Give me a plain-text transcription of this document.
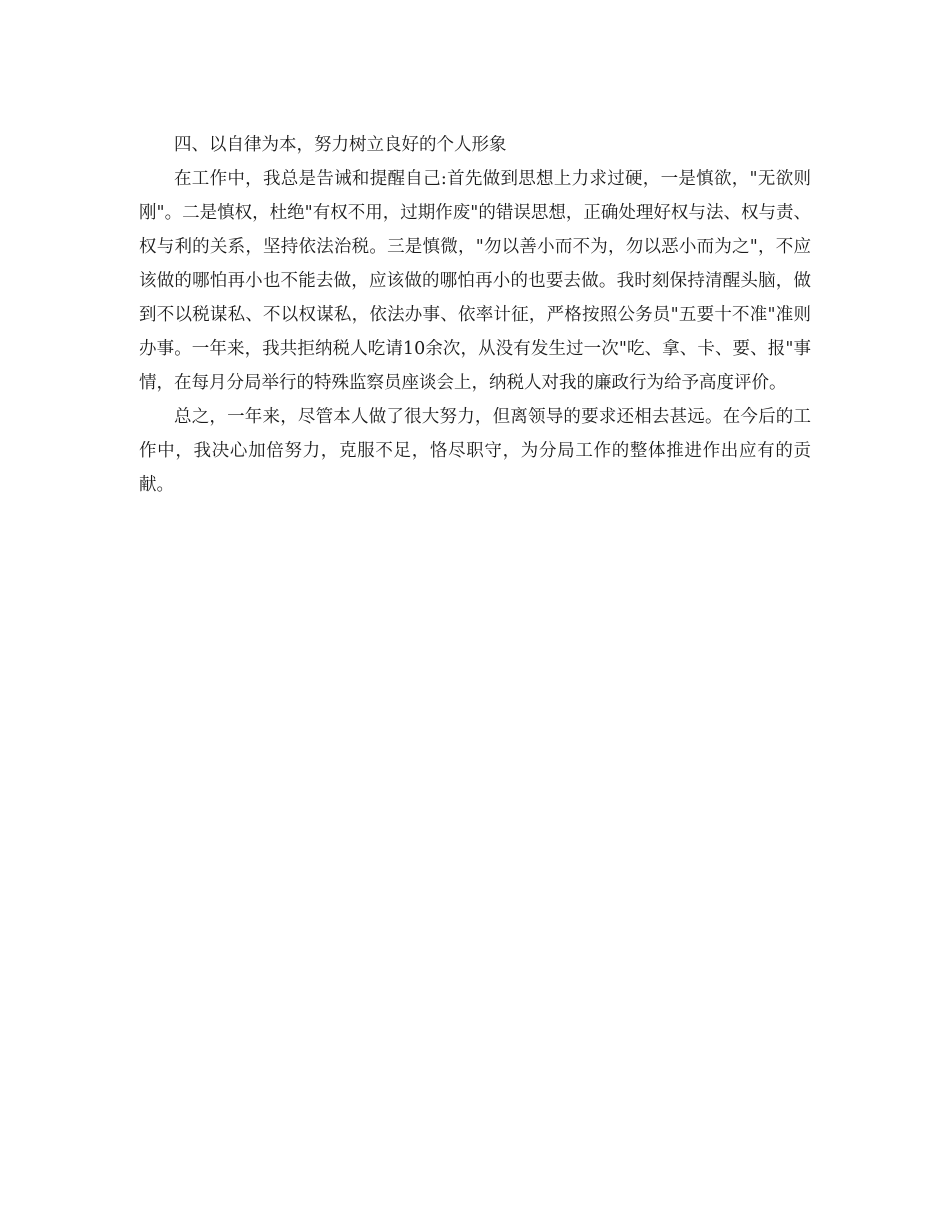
四、以自律为本，努力树立良好的个人形象

在工作中，我总是告诫和提醒自己:首先做到思想上力求过硬，一是慎欲，"无欲则刚"。二是慎权，杜绝"有权不用，过期作废"的错误思想，正确处理好权与法、权与责、权与利的关系，坚持依法治税。三是慎微，"勿以善小而不为，勿以恶小而为之"，不应该做的哪怕再小也不能去做，应该做的哪怕再小的也要去做。我时刻保持清醒头脑，做到不以税谋私、不以权谋私，依法办事、依率计征，严格按照公务员"五要十不准"准则办事。一年来，我共拒纳税人吃请10余次，从没有发生过一次"吃、拿、卡、要、报"事情，在每月分局举行的特殊监察员座谈会上，纳税人对我的廉政行为给予高度评价。

总之，一年来，尽管本人做了很大努力，但离领导的要求还相去甚远。在今后的工作中，我决心加倍努力，克服不足，恪尽职守，为分局工作的整体推进作出应有的贡献。
